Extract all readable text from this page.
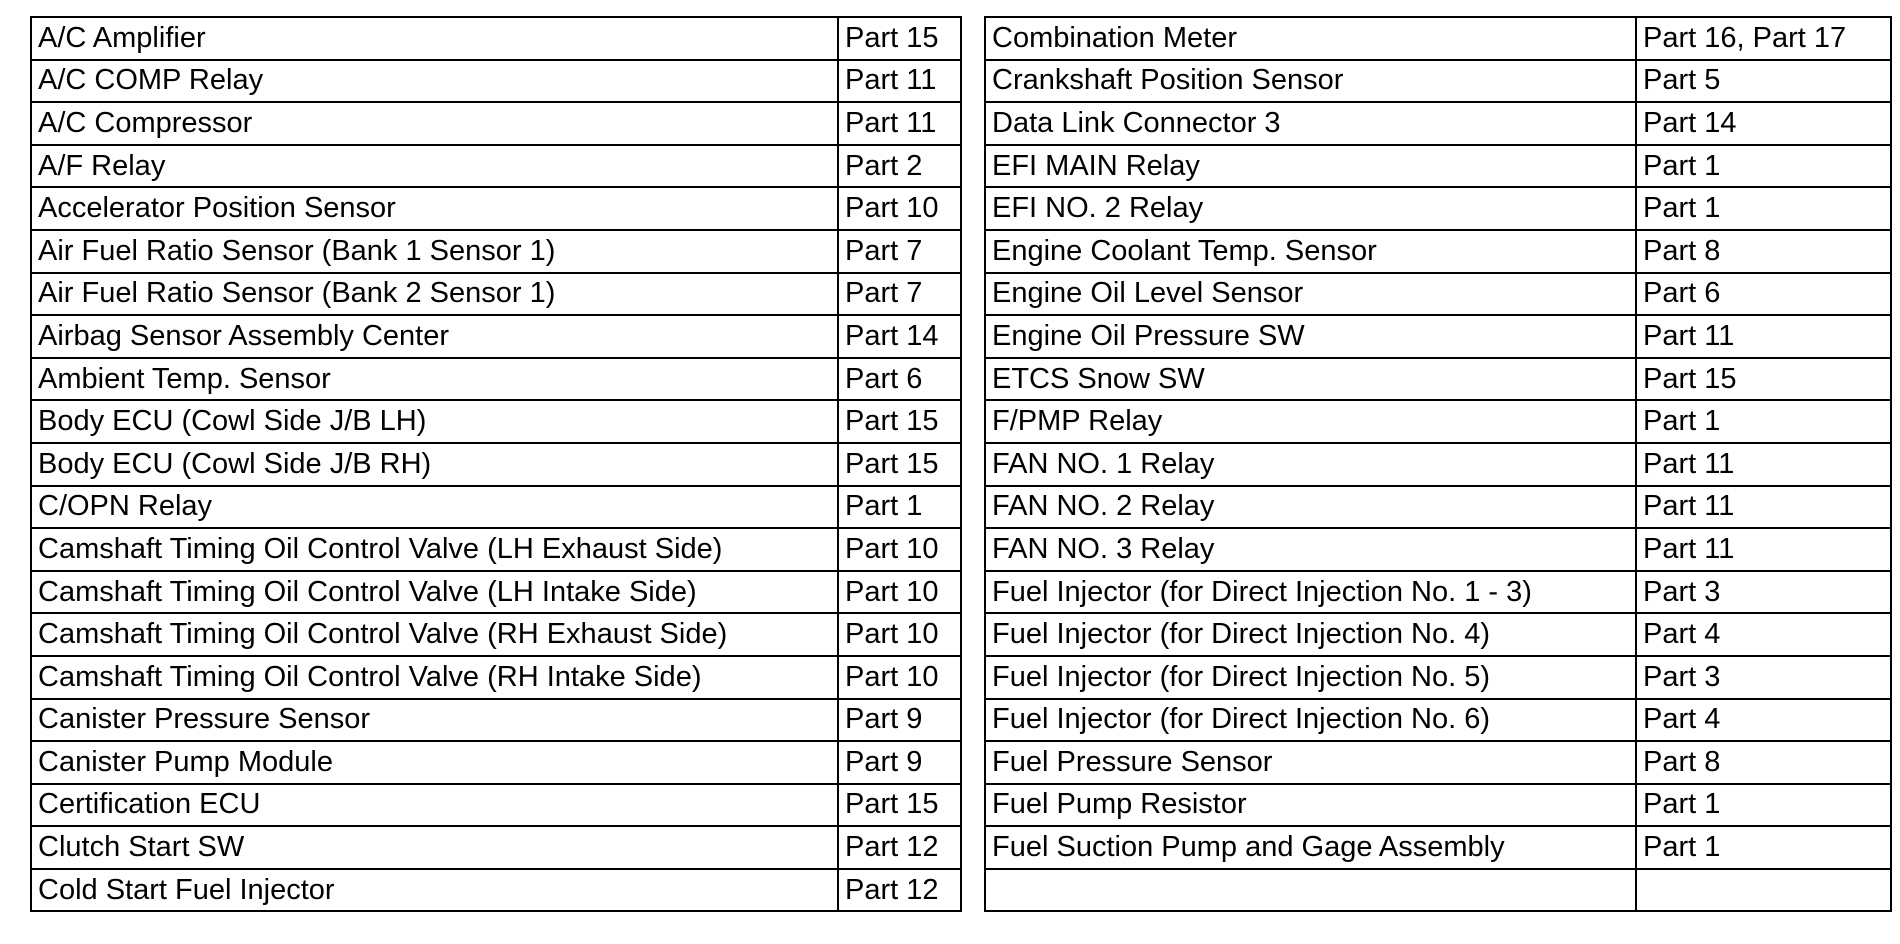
A/C Amplifier	Part 15		Combination Meter	Part 16, Part 17
A/C COMP Relay	Part 11		Crankshaft Position Sensor	Part 5
A/C Compressor	Part 11		Data Link Connector 3	Part 14
A/F Relay	Part 2		EFI MAIN Relay	Part 1
Accelerator Position Sensor	Part 10		EFI NO. 2 Relay	Part 1
Air Fuel Ratio Sensor (Bank 1 Sensor 1)	Part 7		Engine Coolant Temp. Sensor	Part 8
Air Fuel Ratio Sensor (Bank 2 Sensor 1)	Part 7		Engine Oil Level Sensor	Part 6
Airbag Sensor Assembly Center	Part 14		Engine Oil Pressure SW	Part 11
Ambient Temp. Sensor	Part 6		ETCS Snow SW	Part 15
Body ECU (Cowl Side J/B LH)	Part 15		F/PMP Relay	Part 1
Body ECU (Cowl Side J/B RH)	Part 15		FAN NO. 1 Relay	Part 11
C/OPN Relay	Part 1		FAN NO. 2 Relay	Part 11
Camshaft Timing Oil Control Valve (LH Exhaust Side)	Part 10		FAN NO. 3 Relay	Part 11
Camshaft Timing Oil Control Valve (LH Intake Side)	Part 10		Fuel Injector (for Direct Injection No. 1 - 3)	Part 3
Camshaft Timing Oil Control Valve (RH Exhaust Side)	Part 10		Fuel Injector (for Direct Injection No. 4)	Part 4
Camshaft Timing Oil Control Valve (RH Intake Side)	Part 10		Fuel Injector (for Direct Injection No. 5)	Part 3
Canister Pressure Sensor	Part 9		Fuel Injector (for Direct Injection No. 6)	Part 4
Canister Pump Module	Part 9		Fuel Pressure Sensor	Part 8
Certification ECU	Part 15		Fuel Pump Resistor	Part 1
Clutch Start SW	Part 12		Fuel Suction Pump and Gage Assembly	Part 1
Cold Start Fuel Injector	Part 12			
